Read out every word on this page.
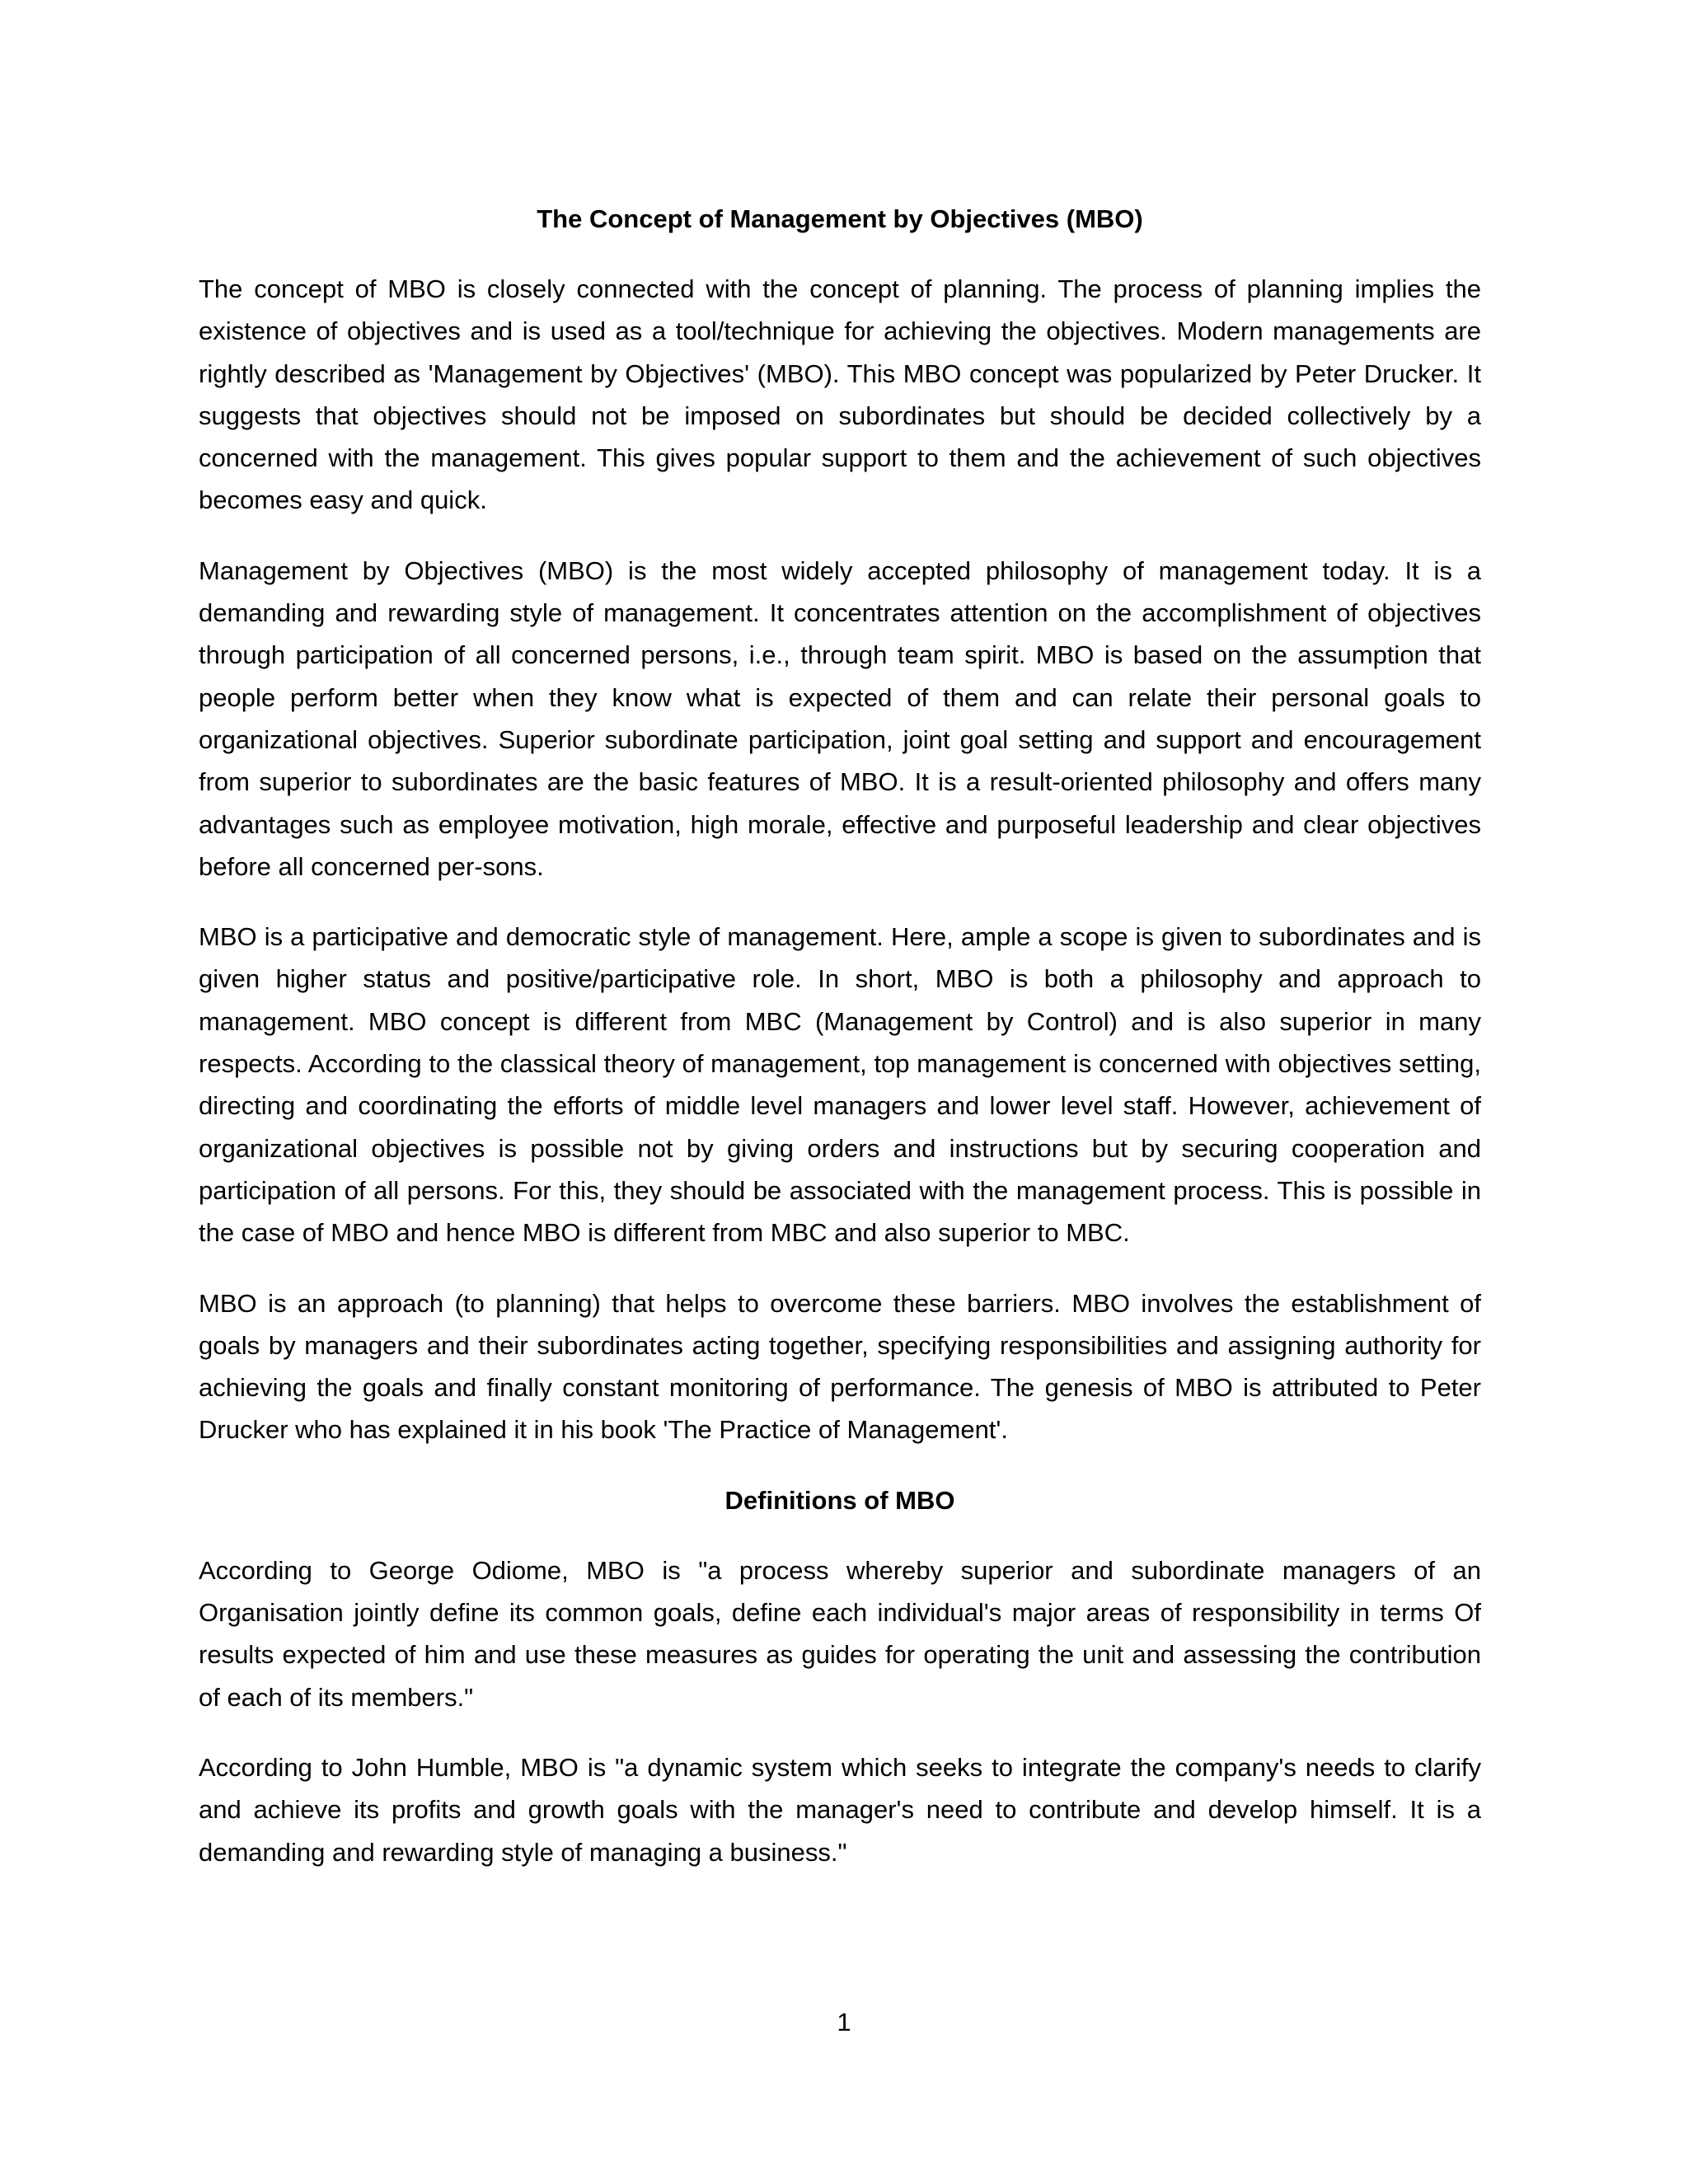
The Concept of Management by Objectives (MBO)

The concept of MBO is closely connected with the concept of planning. The process of planning implies the existence of objectives and is used as a tool/technique for achieving the objectives. Modern managements are rightly described as 'Management by Objectives' (MBO). This MBO concept was popularized by Peter Drucker. It suggests that objectives should not be imposed on subordinates but should be decided collectively by a concerned with the management. This gives popular support to them and the achievement of such objectives becomes easy and quick.

Management by Objectives (MBO) is the most widely accepted philosophy of management today. It is a demanding and rewarding style of management. It concentrates attention on the accomplishment of objectives through participation of all concerned persons, i.e., through team spirit. MBO is based on the assumption that people perform better when they know what is expected of them and can relate their personal goals to organizational objectives. Superior subordinate participation, joint goal setting and support and encouragement from superior to subordinates are the basic features of MBO. It is a result-oriented philosophy and offers many advantages such as employee motivation, high morale, effective and purposeful leadership and clear objectives before all concerned per-sons.

MBO is a participative and democratic style of management. Here, ample a scope is given to subordinates and is given higher status and positive/participative role. In short, MBO is both a philosophy and approach to management. MBO concept is different from MBC (Management by Control) and is also superior in many respects. According to the classical theory of management, top management is concerned with objectives setting, directing and coordinating the efforts of middle level managers and lower level staff. However, achievement of organizational objectives is possible not by giving orders and instructions but by securing cooperation and participation of all persons. For this, they should be associated with the management process. This is possible in the case of MBO and hence MBO is different from MBC and also superior to MBC.

MBO is an approach (to planning) that helps to overcome these barriers. MBO involves the establishment of goals by managers and their subordinates acting together, specifying responsibilities and assigning authority for achieving the goals and finally constant monitoring of performance. The genesis of MBO is attributed to Peter Drucker who has explained it in his book 'The Practice of Management'.

Definitions of MBO

According to George Odiome, MBO is "a process whereby superior and subordinate managers of an Organisation jointly define its common goals, define each individual's major areas of responsibility in terms Of results expected of him and use these measures as guides for operating the unit and assessing the contribution of each of its members."

According to John Humble, MBO is "a dynamic system which seeks to integrate the company's needs to clarify and achieve its profits and growth goals with the manager's need to contribute and develop himself. It is a demanding and rewarding style of managing a business."

1
